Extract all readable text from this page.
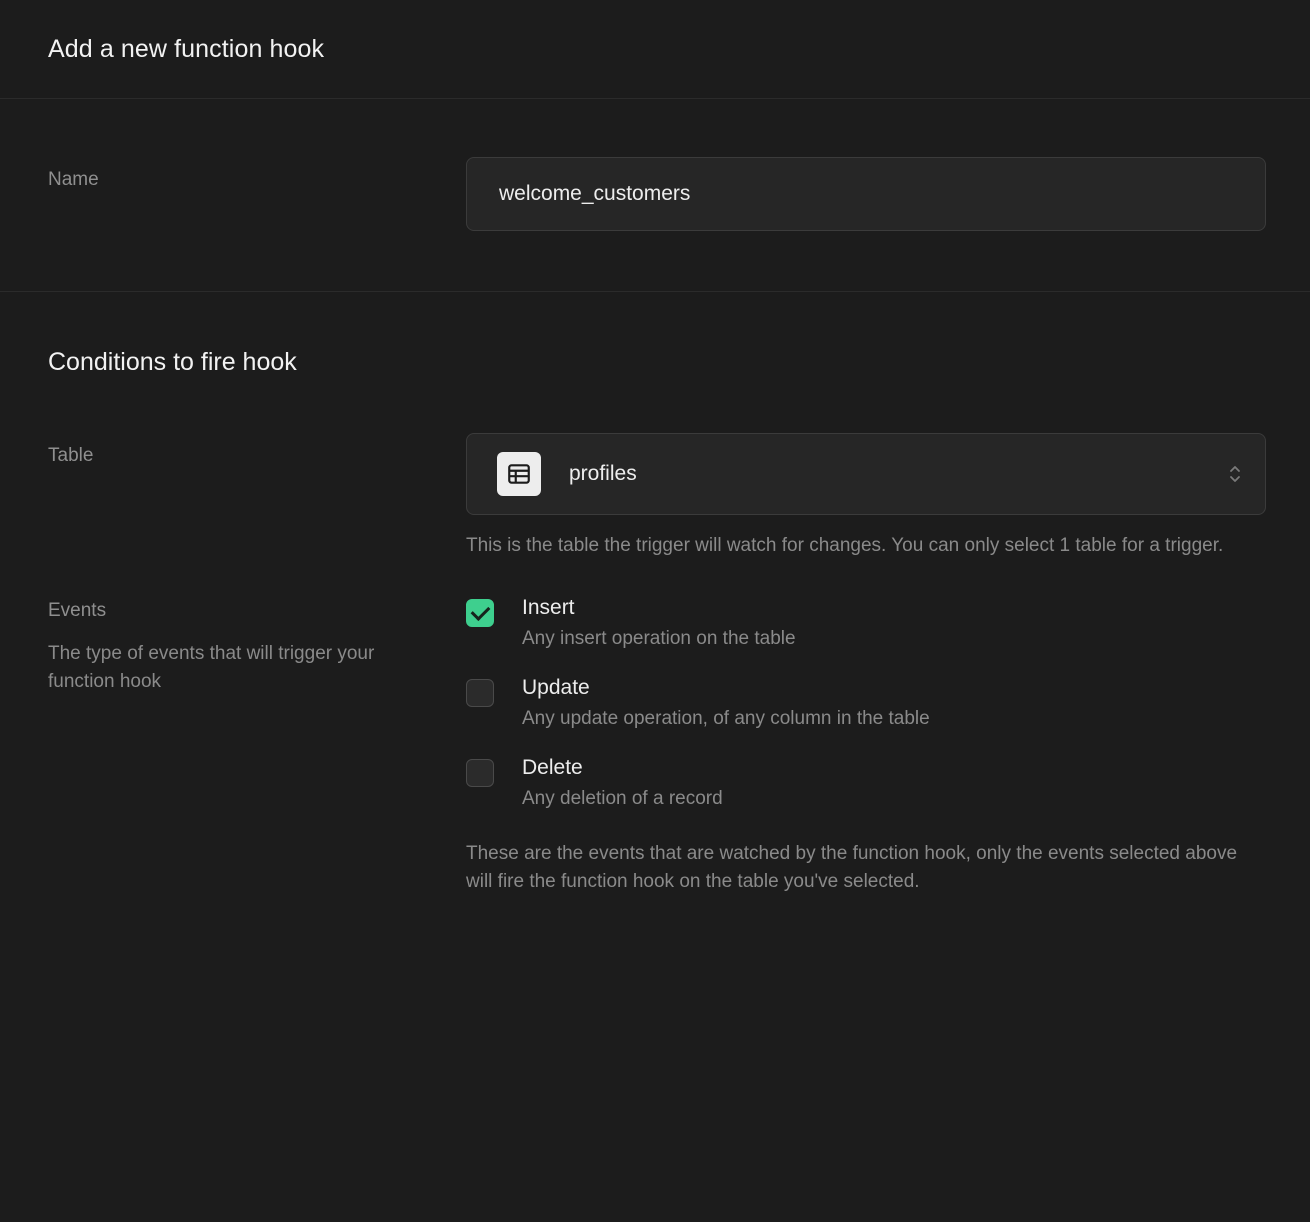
Add a new function hook
Name
welcome_customers
Conditions to fire hook
Table
profiles
This is the table the trigger will watch for changes. You can only select 1 table for a trigger.
Events
The type of events that will trigger your function hook
Insert
Any insert operation on the table
Update
Any update operation, of any column in the table
Delete
Any deletion of a record
These are the events that are watched by the function hook, only the events selected above will fire the function hook on the table you've selected.
